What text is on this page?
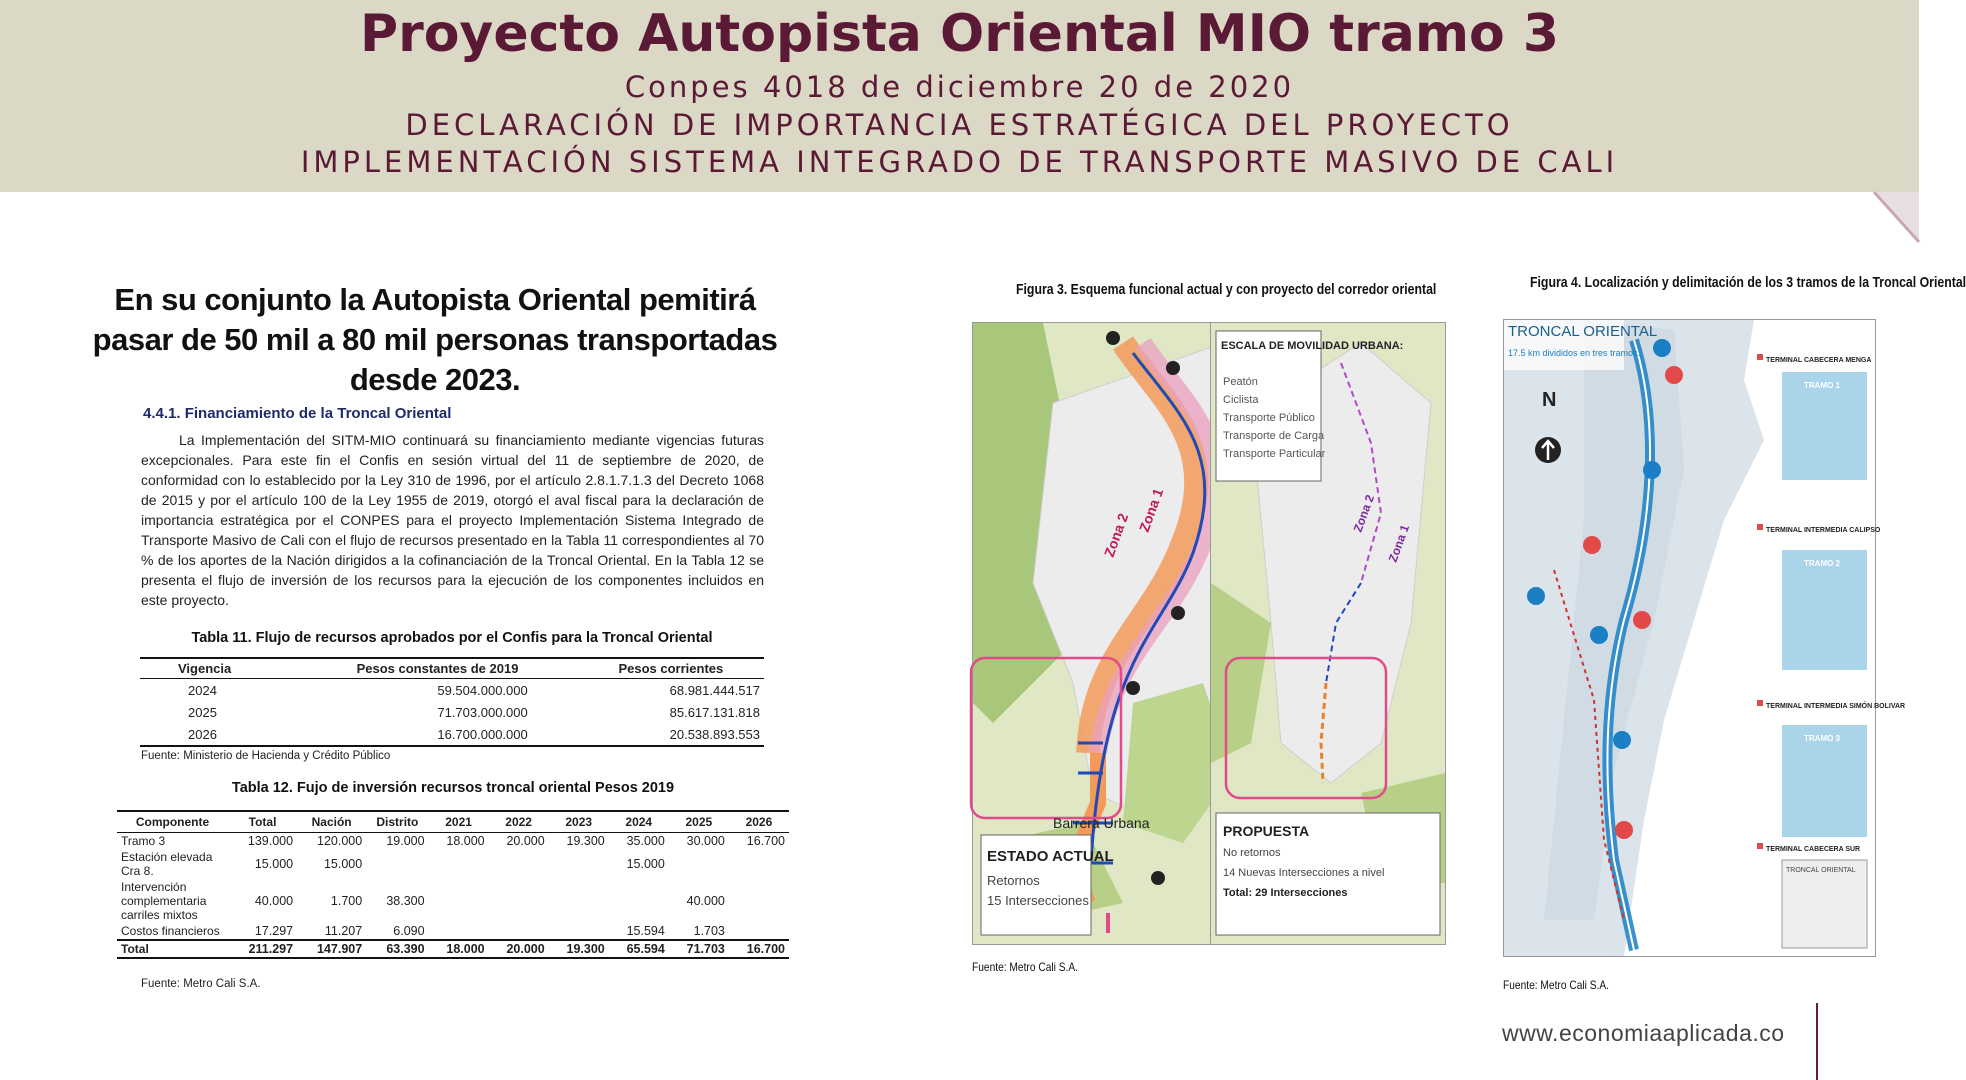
Proyecto Autopista Oriental MIO tramo 3
Conpes 4018 de diciembre 20 de 2020
DECLARACIÓN DE IMPORTANCIA ESTRATÉGICA DEL PROYECTO
IMPLEMENTACIÓN SISTEMA INTEGRADO DE TRANSPORTE MASIVO DE CALI
En su conjunto la Autopista Oriental pemitirá pasar de 50 mil a 80 mil personas transportadas desde 2023.
4.4.1. Financiamiento de la Troncal Oriental
La Implementación del SITM-MIO continuará su financiamiento mediante vigencias futuras excepcionales. Para este fin el Confis en sesión virtual del 11 de septiembre de 2020, de conformidad con lo establecido por la Ley 310 de 1996, por el artículo 2.8.1.7.1.3 del Decreto 1068 de 2015 y por el artículo 100 de la Ley 1955 de 2019, otorgó el aval fiscal para la declaración de importancia estratégica por el CONPES para el proyecto Implementación Sistema Integrado de Transporte Masivo de Cali con el flujo de recursos presentado en la Tabla 11 correspondientes al 70 % de los aportes de la Nación dirigidos a la cofinanciación de la Troncal Oriental. En la Tabla 12 se presenta el flujo de inversión de los recursos para la ejecución de los componentes incluidos en este proyecto.
Tabla 11. Flujo de recursos aprobados por el Confis para la Troncal Oriental
Vigencia	Pesos constantes de 2019	Pesos corrientes
2024	59.504.000.000	68.981.444.517
2025	71.703.000.000	85.617.131.818
2026	16.700.000.000	20.538.893.553
Fuente: Ministerio de Hacienda y Crédito Público
Tabla 12. Fujo de inversión recursos troncal oriental Pesos 2019
Componente	Total	Nación	Distrito	2021	2022	2023	2024	2025	2026
Tramo 3	139.000	120.000	19.000	18.000	20.000	19.300	35.000	30.000	16.700
Estación elevada Cra 8.	15.000	15.000					15.000		
Intervención complementaria carriles mixtos	40.000	1.700	38.300					40.000	
Costos financieros	17.297	11.207	6.090				15.594	1.703	
Total	211.297	147.907	63.390	18.000	20.000	19.300	65.594	71.703	16.700
Fuente: Metro Cali S.A.
Figura 3. Esquema funcional actual y con proyecto del corredor oriental
Zona 2
Zona 1
Barrera Urbana
ESTADO ACTUAL
Retornos
15 Intersecciones
ESCALA DE MOVILIDAD URBANA:
Peatón
Ciclista
Transporte Público
Transporte de Carga
Transporte Particular
Zona 2
Zona 1
PROPUESTA
No retornos
14 Nuevas Intersecciones a nivel
Total: 29 Intersecciones
Fuente: Metro Cali S.A.
Figura 4. Localización y delimitación de los 3 tramos de la Troncal Oriental
TRONCAL ORIENTAL
17.5 km divididos en tres tramos.
N
TERMINAL CABECERA MENGA
TRAMO 1
TERMINAL INTERMEDIA CALIPSO
TRAMO 2
TERMINAL INTERMEDIA SIMÓN BOLIVAR
TRAMO 3
TERMINAL CABECERA SUR
TRONCAL ORIENTAL
Fuente: Metro Cali S.A.
www.economiaaplicada.co
